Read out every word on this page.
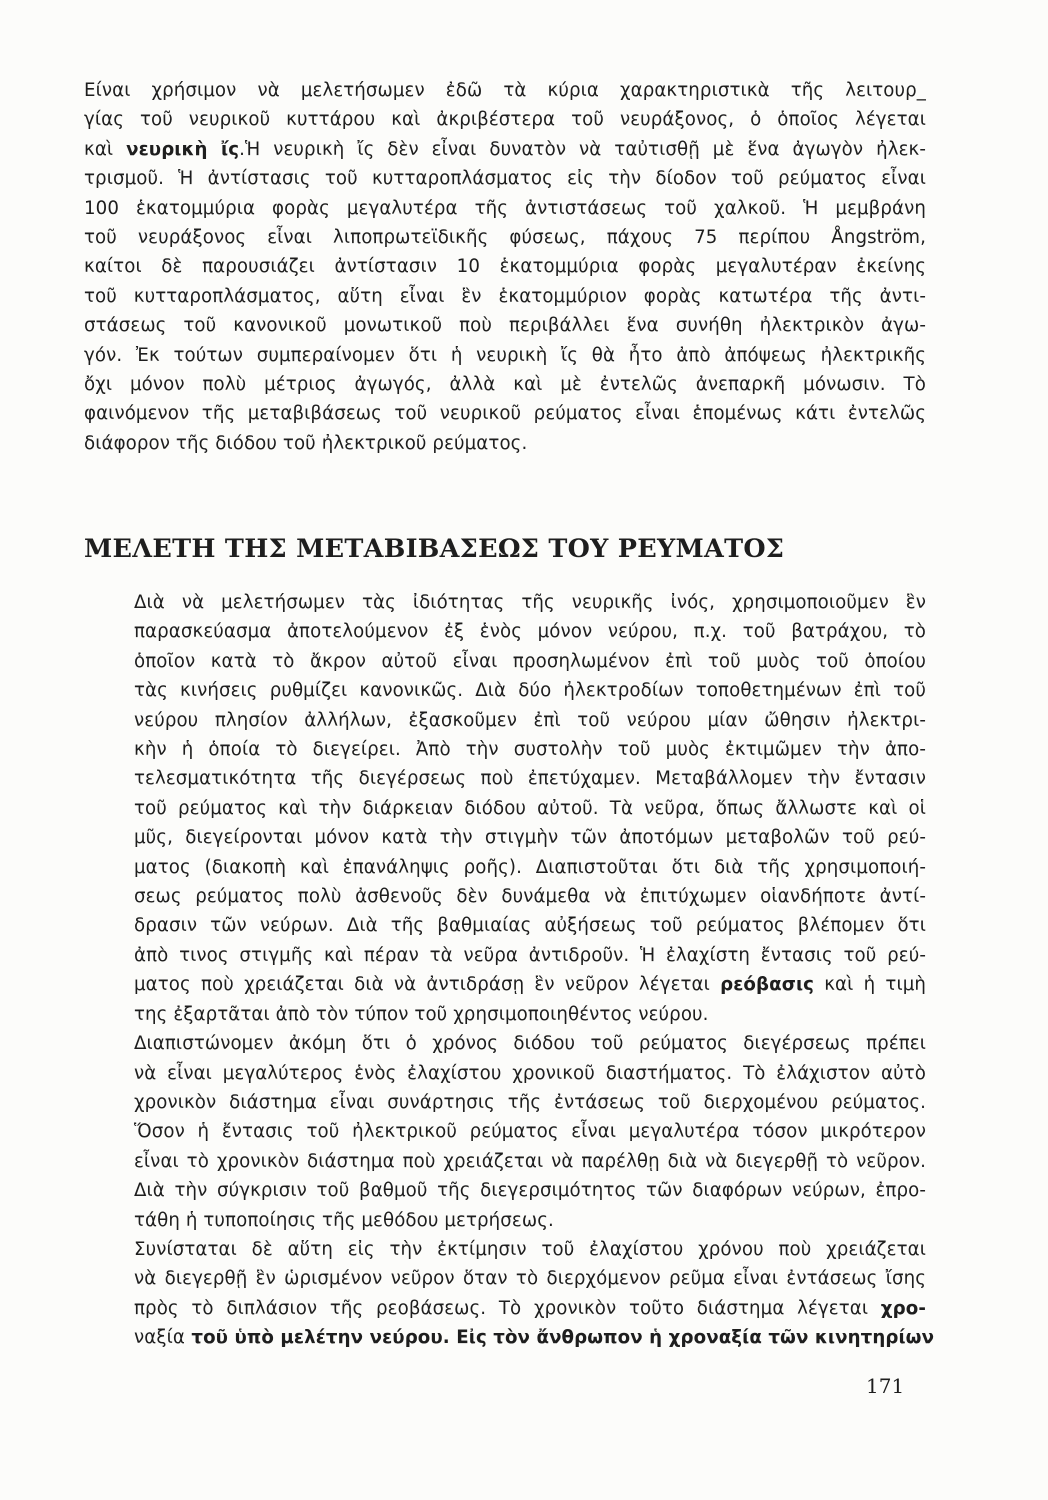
Είναι χρήσιμον νὰ μελετήσωμεν ἐδῶ τὰ κύρια χαρακτηριστικὰ τῆς λειτουρ_
γίας τοῦ νευρικοῦ κυττάρου καὶ ἀκριβέστερα τοῦ νευράξονος, ὁ ὁποῖος λέγεται
καὶ νευρικὴ ἴς.Ἡ νευρικὴ ἴς δὲν εἶναι δυνατὸν νὰ ταὐτισθῇ μὲ ἕνα ἀγωγὸν ἠλεκ-
τρισμοῦ. Ἡ ἀντίστασις τοῦ κυτταροπλάσματος εἰς τὴν δίοδον τοῦ ρεύματος εἶναι
100 ἑκατομμύρια φορὰς μεγαλυτέρα τῆς ἀντιστάσεως τοῦ χαλκοῦ. Ἡ μεμβράνη
τοῦ νευράξονος εἶναι λιποπρωτεϊδικῆς φύσεως, πάχους 75 περίπου Ångström,
καίτοι δὲ παρουσιάζει ἀντίστασιν 10 ἑκατομμύρια φορὰς μεγαλυτέραν ἐκείνης
τοῦ κυτταροπλάσματος, αὕτη εἶναι ἓν ἑκατομμύριον φορὰς κατωτέρα τῆς ἀντι-
στάσεως τοῦ κανονικοῦ μονωτικοῦ ποὺ περιβάλλει ἕνα συνήθη ἠλεκτρικὸν ἀγω-
γόν. Ἐκ τούτων συμπεραίνομεν ὅτι ἡ νευρικὴ ἴς θὰ ἦτο ἀπὸ ἀπόψεως ἠλεκτρικῆς
ὄχι μόνον πολὺ μέτριος ἀγωγός, ἀλλὰ καὶ μὲ ἐντελῶς ἀνεπαρκῆ μόνωσιν. Τὸ
φαινόμενον τῆς μεταβιβάσεως τοῦ νευρικοῦ ρεύματος εἶναι ἑπομένως κάτι ἐντελῶς
διάφορον τῆς διόδου τοῦ ἠλεκτρικοῦ ρεύματος.
ΜΕΛΕΤΗ ΤΗΣ ΜΕΤΑΒΙΒΑΣΕΩΣ ΤΟΥ ΡΕΥΜΑΤΟΣ
Διὰ νὰ μελετήσωμεν τὰς ἰδιότητας τῆς νευρικῆς ἰνός, χρησιμοποιοῦμεν ἓν
παρασκεύασμα ἀποτελούμενον ἐξ ἑνὸς μόνον νεύρου, π.χ. τοῦ βατράχου, τὸ
ὁποῖον κατὰ τὸ ἄκρον αὐτοῦ εἶναι προσηλωμένον ἐπὶ τοῦ μυὸς τοῦ ὁποίου
τὰς κινήσεις ρυθμίζει κανονικῶς. Διὰ δύο ἠλεκτροδίων τοποθετημένων ἐπὶ τοῦ
νεύρου πλησίον ἀλλήλων, ἐξασκοῦμεν ἐπὶ τοῦ νεύρου μίαν ὤθησιν ἠλεκτρι-
κὴν ἡ ὁποία τὸ διεγείρει. Ἀπὸ τὴν συστολὴν τοῦ μυὸς ἐκτιμῶμεν τὴν ἀπο-
τελεσματικότητα τῆς διεγέρσεως ποὺ ἐπετύχαμεν. Μεταβάλλομεν τὴν ἔντασιν
τοῦ ρεύματος καὶ τὴν διάρκειαν διόδου αὐτοῦ. Τὰ νεῦρα, ὅπως ἄλλωστε καὶ οἱ
μῦς, διεγείρονται μόνον κατὰ τὴν στιγμὴν τῶν ἀποτόμων μεταβολῶν τοῦ ρεύ-
ματος (διακοπὴ καὶ ἐπανάληψις ροῆς). Διαπιστοῦται ὅτι διὰ τῆς χρησιμοποιή-
σεως ρεύματος πολὺ ἀσθενοῦς δὲν δυνάμεθα νὰ ἐπιτύχωμεν οἱανδήποτε ἀντί-
δρασιν τῶν νεύρων. Διὰ τῆς βαθμιαίας αὐξήσεως τοῦ ρεύματος βλέπομεν ὅτι
ἀπὸ τινος στιγμῆς καὶ πέραν τὰ νεῦρα ἀντιδροῦν. Ἡ ἐλαχίστη ἔντασις τοῦ ρεύ-
ματος ποὺ χρειάζεται διὰ νὰ ἀντιδράσῃ ἓν νεῦρον λέγεται ρεόβασις καὶ ἡ τιμὴ
της ἐξαρτᾶται ἀπὸ τὸν τύπον τοῦ χρησιμοποιηθέντος νεύρου.
Διαπιστώνομεν ἀκόμη ὅτι ὁ χρόνος διόδου τοῦ ρεύματος διεγέρσεως πρέπει
νὰ εἶναι μεγαλύτερος ἑνὸς ἐλαχίστου χρονικοῦ διαστήματος. Τὸ ἐλάχιστον αὐτὸ
χρονικὸν διάστημα εἶναι συνάρτησις τῆς ἐντάσεως τοῦ διερχομένου ρεύματος.
Ὅσον ἡ ἔντασις τοῦ ἠλεκτρικοῦ ρεύματος εἶναι μεγαλυτέρα τόσον μικρότερον
εἶναι τὸ χρονικὸν διάστημα ποὺ χρειάζεται νὰ παρέλθῃ διὰ νὰ διεγερθῇ τὸ νεῦρον.
Διὰ τὴν σύγκρισιν τοῦ βαθμοῦ τῆς διεγερσιμότητος τῶν διαφόρων νεύρων, ἐπρο-
τάθη ἡ τυποποίησις τῆς μεθόδου μετρήσεως.
Συνίσταται δὲ αὕτη εἰς τὴν ἐκτίμησιν τοῦ ἐλαχίστου χρόνου ποὺ χρειάζεται
νὰ διεγερθῇ ἓν ὡρισμένον νεῦρον ὅταν τὸ διερχόμενον ρεῦμα εἶναι ἐντάσεως ἴσης
πρὸς τὸ διπλάσιον τῆς ρεοβάσεως. Τὸ χρονικὸν τοῦτο διάστημα λέγεται χρο-
ναξία τοῦ ὑπὸ μελέτην νεύρου. Εἰς τὸν ἄνθρωπον ἡ χροναξία τῶν κινητηρίων
171
